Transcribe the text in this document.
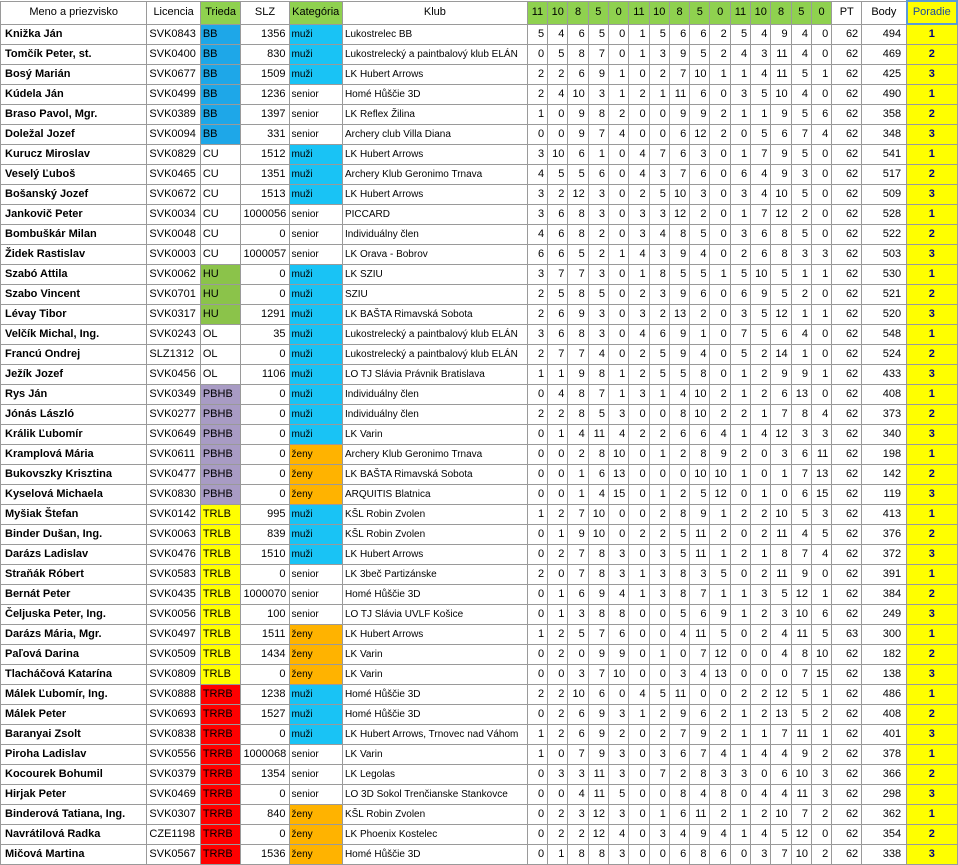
Meno a priezvisko	Licencia	Trieda	SLZ	Kategória	Klub	11	10	8	5	0	11	10	8	5	0	11	10	8	5	0	PT	Body	Poradie
Knižka Ján	SVK0843	BB	1356	muži	Lukostrelec BB	5	4	6	5	0	1	5	6	6	2	5	4	9	4	0	62	494	1
Tomčík Peter, st.	SVK0400	BB	830	muži	Lukostrelecký a paintbalový klub ELÁN	0	5	8	7	0	1	3	9	5	2	4	3	11	4	0	62	469	2
Bosý Marián	SVK0677	BB	1509	muži	LK Hubert Arrows	2	2	6	9	1	0	2	7	10	1	1	4	11	5	1	62	425	3
Kúdela Ján	SVK0499	BB	1236	senior	Homé Hůščie 3D	2	4	10	3	1	2	1	11	6	0	3	5	10	4	0	62	490	1
Braso Pavol, Mgr.	SVK0389	BB	1397	senior	LK Reflex Žilina	1	0	9	8	2	0	0	9	9	2	1	1	9	5	6	62	358	2
Doležal Jozef	SVK0094	BB	331	senior	Archery club Villa Diana	0	0	9	7	4	0	0	6	12	2	0	5	6	7	4	62	348	3
Kurucz Miroslav	SVK0829	CU	1512	muži	LK Hubert Arrows	3	10	6	1	0	4	7	6	3	0	1	7	9	5	0	62	541	1
Veselý Ľuboš	SVK0465	CU	1351	muži	Archery Klub Geronimo Trnava	4	5	5	6	0	4	3	7	6	0	6	4	9	3	0	62	517	2
Bošanský Jozef	SVK0672	CU	1513	muži	LK Hubert Arrows	3	2	12	3	0	2	5	10	3	0	3	4	10	5	0	62	509	3
Jankovič Peter	SVK0034	CU	1000056	senior	PICCARD	3	6	8	3	0	3	3	12	2	0	1	7	12	2	0	62	528	1
Bombuškár Milan	SVK0048	CU	0	senior	Individuálny člen	4	6	8	2	0	3	4	8	5	0	3	6	8	5	0	62	522	2
Židek Rastislav	SVK0003	CU	1000057	senior	LK Orava - Bobrov	6	6	5	2	1	4	3	9	4	0	2	6	8	3	3	62	503	3
Szabó Attila	SVK0062	HU	0	muži	LK SZIU	3	7	7	3	0	1	8	5	5	1	5	10	5	1	1	62	530	1
Szabo Vincent	SVK0701	HU	0	muži	SZIU	2	5	8	5	0	2	3	9	6	0	6	9	5	2	0	62	521	2
Lévay Tibor	SVK0317	HU	1291	muži	LK BAŠTA Rimavská Sobota	2	6	9	3	0	3	2	13	2	0	3	5	12	1	1	62	520	3
Velčík Michal, Ing.	SVK0243	OL	35	muži	Lukostrelecký a paintbalový klub ELÁN	3	6	8	3	0	4	6	9	1	0	7	5	6	4	0	62	548	1
Francú Ondrej	SLZ1312	OL	0	muži	Lukostrelecký a paintbalový klub ELÁN	2	7	7	4	0	2	5	9	4	0	5	2	14	1	0	62	524	2
Ježík Jozef	SVK0456	OL	1106	muži	LO TJ Slávia Právnik Bratislava	1	1	9	8	1	2	5	5	8	0	1	2	9	9	1	62	433	3
Rys Ján	SVK0349	PBHB	0	muži	Individuálny člen	0	4	8	7	1	3	1	4	10	2	1	2	6	13	0	62	408	1
Jónás László	SVK0277	PBHB	0	muži	Individuálny člen	2	2	8	5	3	0	0	8	10	2	2	1	7	8	4	62	373	2
Králik Ľubomír	SVK0649	PBHB	0	muži	LK Varin	0	1	4	11	4	2	2	6	6	4	1	4	12	3	3	62	340	3
Kramplová Mária	SVK0611	PBHB	0	ženy	Archery Klub Geronimo Trnava	0	0	2	8	10	0	1	2	8	9	2	0	3	6	11	62	198	1
Bukovszky Krisztina	SVK0477	PBHB	0	ženy	LK BAŠTA Rimavská Sobota	0	0	1	6	13	0	0	0	10	10	1	0	1	7	13	62	142	2
Kyselová Michaela	SVK0830	PBHB	0	ženy	ARQUITIS Blatnica	0	0	1	4	15	0	1	2	5	12	0	1	0	6	15	62	119	3
Myšiak Štefan	SVK0142	TRLB	995	muži	KŠL Robin Zvolen	1	2	7	10	0	0	2	8	9	1	2	2	10	5	3	62	413	1
Binder Dušan, Ing.	SVK0063	TRLB	839	muži	KŠL Robin Zvolen	0	1	9	10	0	2	2	5	11	2	0	2	11	4	5	62	376	2
Darázs Ladislav	SVK0476	TRLB	1510	muži	LK Hubert Arrows	0	2	7	8	3	0	3	5	11	1	2	1	8	7	4	62	372	3
Straňák Róbert	SVK0583	TRLB	0	senior	LK 3beč Partizánske	2	0	7	8	3	1	3	8	3	5	0	2	11	9	0	62	391	1
Bernát Peter	SVK0435	TRLB	1000070	senior	Homé Hůščie 3D	0	1	6	9	4	1	3	8	7	1	1	3	5	12	1	62	384	2
Čeljuska Peter, Ing.	SVK0056	TRLB	100	senior	LO TJ Slávia UVLF Košice	0	1	3	8	8	0	0	5	6	9	1	2	3	10	6	62	249	3
Darázs Mária, Mgr.	SVK0497	TRLB	1511	ženy	LK Hubert Arrows	1	2	5	7	6	0	0	4	11	5	0	2	4	11	5	63	300	1
Paľová Darina	SVK0509	TRLB	1434	ženy	LK Varin	0	2	0	9	9	0	1	0	7	12	0	0	4	8	10	62	182	2
Tlacháčová Katarína	SVK0809	TRLB	0	ženy	LK Varin	0	0	3	7	10	0	0	3	4	13	0	0	0	7	15	62	138	3
Málek Ľubomír, Ing.	SVK0888	TRRB	1238	muži	Homé Hůščie 3D	2	2	10	6	0	4	5	11	0	0	2	2	12	5	1	62	486	1
Málek Peter	SVK0693	TRRB	1527	muži	Homé Hůščie 3D	0	2	6	9	3	1	2	9	6	2	1	2	13	5	2	62	408	2
Baranyai Zsolt	SVK0838	TRRB	0	muži	LK Hubert Arrows, Trnovec nad Váhom	1	2	6	9	2	0	2	7	9	2	1	1	7	11	1	62	401	3
Piroha Ladislav	SVK0556	TRRB	1000068	senior	LK Varin	1	0	7	9	3	0	3	6	7	4	1	4	4	9	2	62	378	1
Kocourek Bohumil	SVK0379	TRRB	1354	senior	LK Legolas	0	3	3	11	3	0	7	2	8	3	3	0	6	10	3	62	366	2
Hirjak Peter	SVK0469	TRRB	0	senior	LO 3D Sokol Trenčianske Stankovce	0	0	4	11	5	0	0	8	4	8	0	4	4	11	3	62	298	3
Binderová Tatiana, Ing.	SVK0307	TRRB	840	ženy	KŠL Robin Zvolen	0	2	3	12	3	0	1	6	11	2	1	2	10	7	2	62	362	1
Navrátilová Radka	CZE1198	TRRB	0	ženy	LK Phoenix Kostelec	0	2	2	12	4	0	3	4	9	4	1	4	5	12	0	62	354	2
Mičová Martina	SVK0567	TRRB	1536	ženy	Homé Hůščie 3D	0	1	8	8	3	0	0	6	8	6	0	3	7	10	2	62	338	3
